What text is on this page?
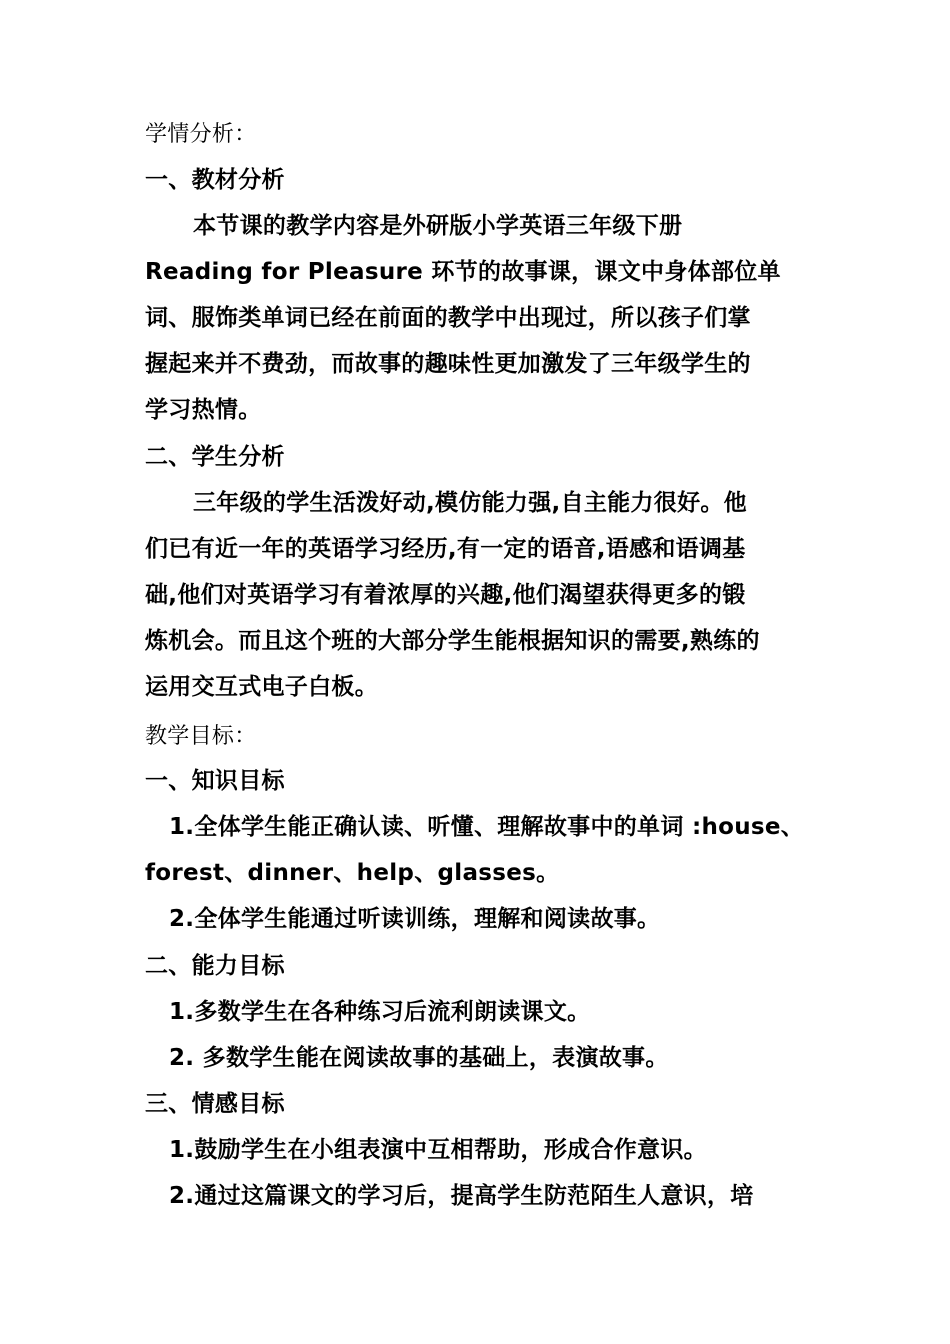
学情分析：
一、教材分析
本节课的教学内容是外研版小学英语三年级下册
Reading for Pleasure 环节的故事课，课文中身体部位单
词、服饰类单词已经在前面的教学中出现过，所以孩子们掌
握起来并不费劲，而故事的趣味性更加激发了三年级学生的
学习热情。
二、学生分析
三年级的学生活泼好动,模仿能力强,自主能力很好。他
们已有近一年的英语学习经历,有一定的语音,语感和语调基
础,他们对英语学习有着浓厚的兴趣,他们渴望获得更多的锻
炼机会。而且这个班的大部分学生能根据知识的需要,熟练的
运用交互式电子白板。
教学目标：
一、知识目标
1.全体学生能正确认读、听懂、理解故事中的单词 :house、
forest、dinner、help、glasses。
2.全体学生能通过听读训练，理解和阅读故事。
二、能力目标
1.多数学生在各种练习后流利朗读课文。
2. 多数学生能在阅读故事的基础上，表演故事。
三、情感目标
1.鼓励学生在小组表演中互相帮助，形成合作意识。
2.通过这篇课文的学习后，提高学生防范陌生人意识，培
